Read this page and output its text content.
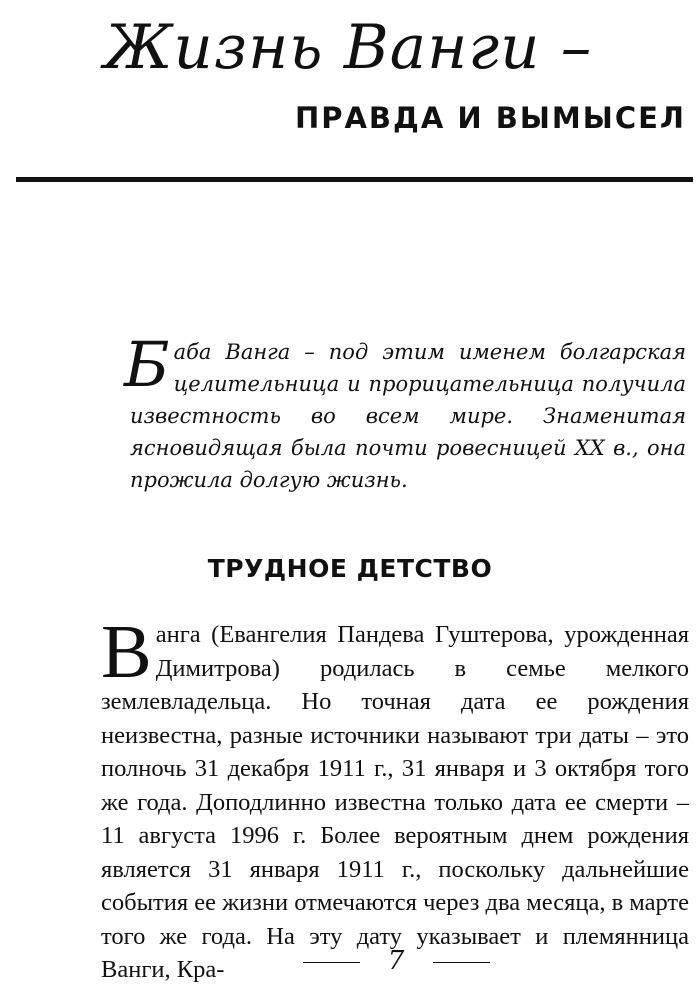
Жизнь Ванги –
ПРАВДА И ВЫМЫСЕЛ

Баба Ванга – под этим именем болгарская целительница и прорицательница получила известность во всем мире. Знаменитая ясновидящая была почти ровесницей XX в., она прожила долгую жизнь.

ТРУДНОЕ ДЕТСТВО

Ванга (Евангелия Пандева Гуштерова, урожденная Димитрова) родилась в семье мелкого землевладельца. Но точная дата ее рождения неизвестна, разные источники называют три даты – это полночь 31 декабря 1911 г., 31 января и 3 октября того же года. Доподлинно известна только дата ее смерти – 11 августа 1996 г. Более вероятным днем рождения является 31 января 1911 г., поскольку дальнейшие события ее жизни отмечаются через два месяца, в марте того же года. На эту дату указывает и племянница Ванги, Кра-	7
